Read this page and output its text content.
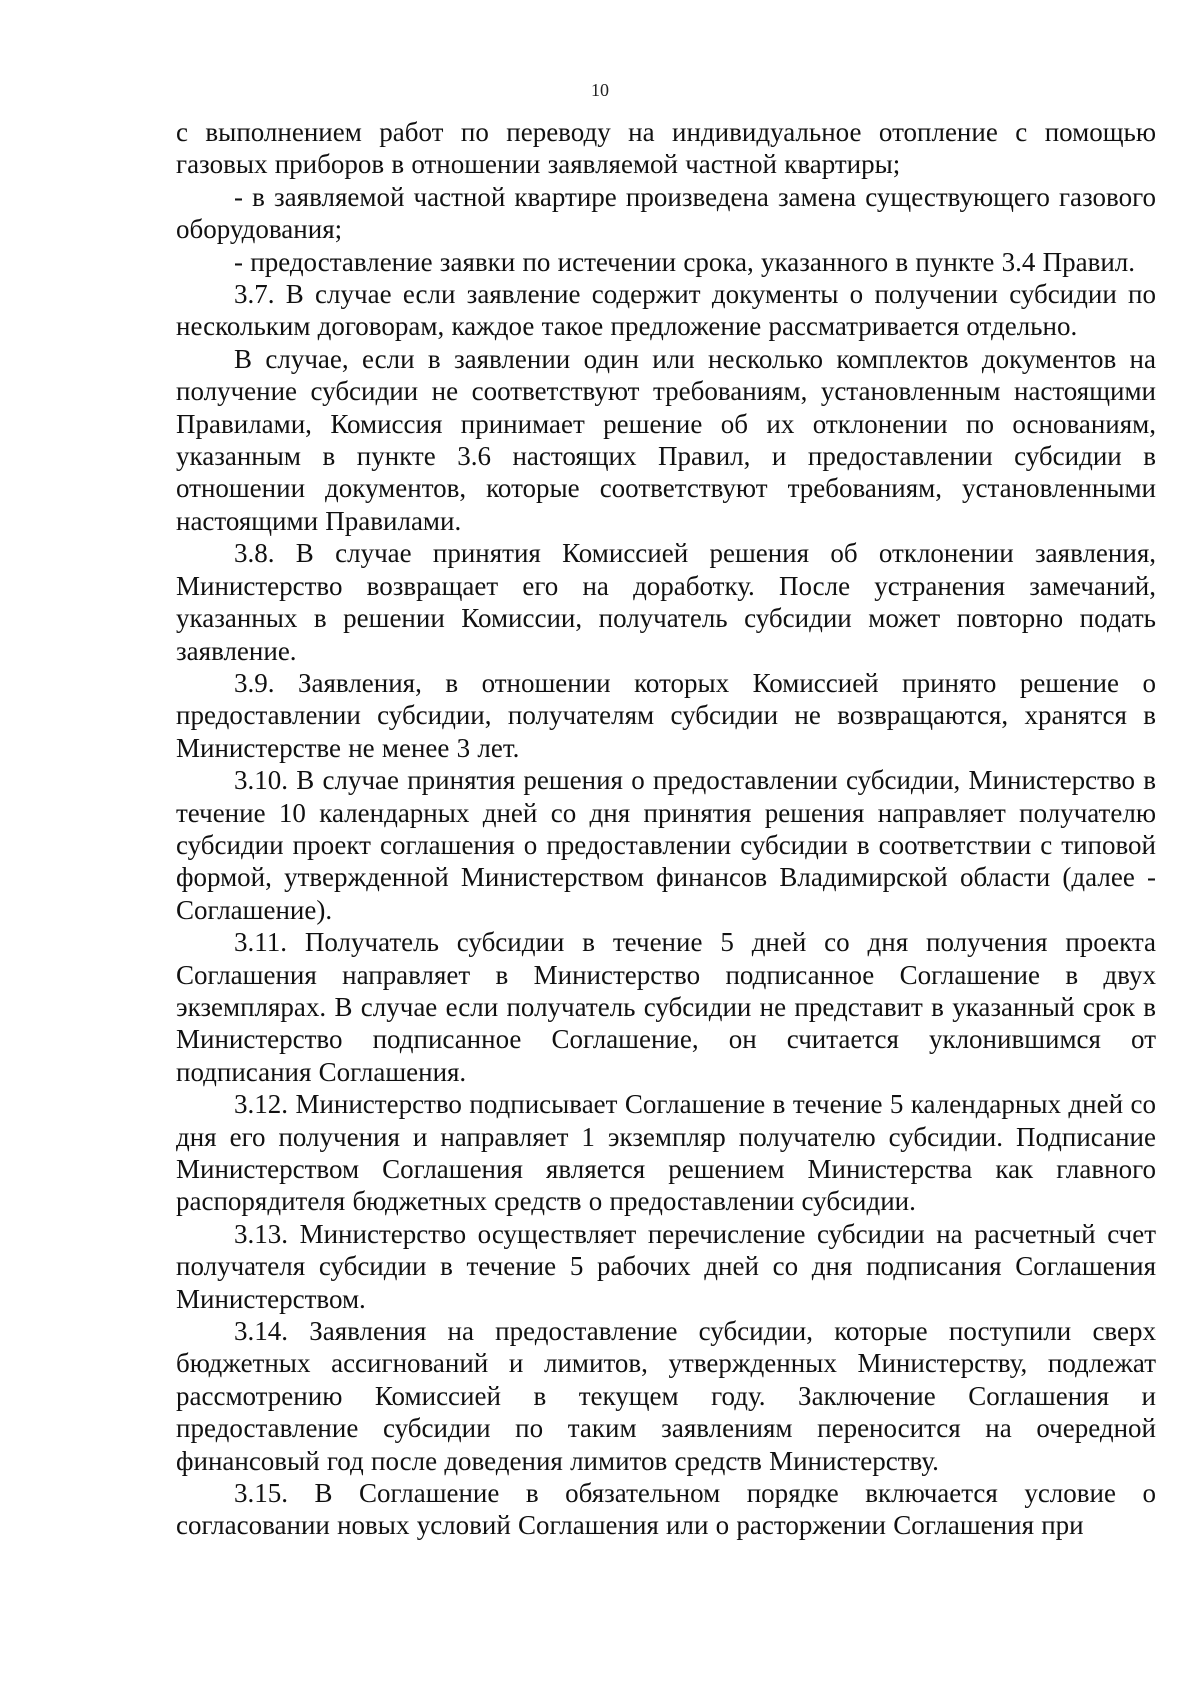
10

с выполнением работ по переводу на индивидуальное отопление с помощью газовых приборов в отношении заявляемой частной квартиры;

- в заявляемой частной квартире произведена замена существующего газового оборудования;

- предоставление заявки по истечении срока, указанного в пункте 3.4 Правил.

3.7. В случае если заявление содержит документы о получении субсидии по нескольким договорам, каждое такое предложение рассматривается отдельно.

В случае, если в заявлении один или несколько комплектов документов на получение субсидии не соответствуют требованиям, установленным настоящими Правилами, Комиссия принимает решение об их отклонении по основаниям, указанным в пункте 3.6 настоящих Правил, и предоставлении субсидии в отношении документов, которые соответствуют требованиям, установленными настоящими Правилами.

3.8. В случае принятия Комиссией решения об отклонении заявления, Министерство возвращает его на доработку. После устранения замечаний, указанных в решении Комиссии, получатель субсидии может повторно подать заявление.

3.9. Заявления, в отношении которых Комиссией принято решение о предоставлении субсидии, получателям субсидии не возвращаются, хранятся в Министерстве не менее 3 лет.

3.10. В случае принятия решения о предоставлении субсидии, Министерство в течение 10 календарных дней со дня принятия решения направляет получателю субсидии проект соглашения о предоставлении субсидии в соответствии с типовой формой, утвержденной Министерством финансов Владимирской области (далее - Соглашение).

3.11. Получатель субсидии в течение 5 дней со дня получения проекта Соглашения направляет в Министерство подписанное Соглашение в двух экземплярах. В случае если получатель субсидии не представит в указанный срок в Министерство подписанное Соглашение, он считается уклонившимся от подписания Соглашения.

3.12. Министерство подписывает Соглашение в течение 5 календарных дней со дня его получения и направляет 1 экземпляр получателю субсидии. Подписание Министерством Соглашения является решением Министерства как главного распорядителя бюджетных средств о предоставлении субсидии.

3.13. Министерство осуществляет перечисление субсидии на расчетный счет получателя субсидии в течение 5 рабочих дней со дня подписания Соглашения Министерством.

3.14. Заявления на предоставление субсидии, которые поступили сверх бюджетных ассигнований и лимитов, утвержденных Министерству, подлежат рассмотрению Комиссией в текущем году. Заключение Соглашения и предоставление субсидии по таким заявлениям переносится на очередной финансовый год после доведения лимитов средств Министерству.

3.15. В Соглашение в обязательном порядке включается условие о согласовании новых условий Соглашения или о расторжении Соглашения при
